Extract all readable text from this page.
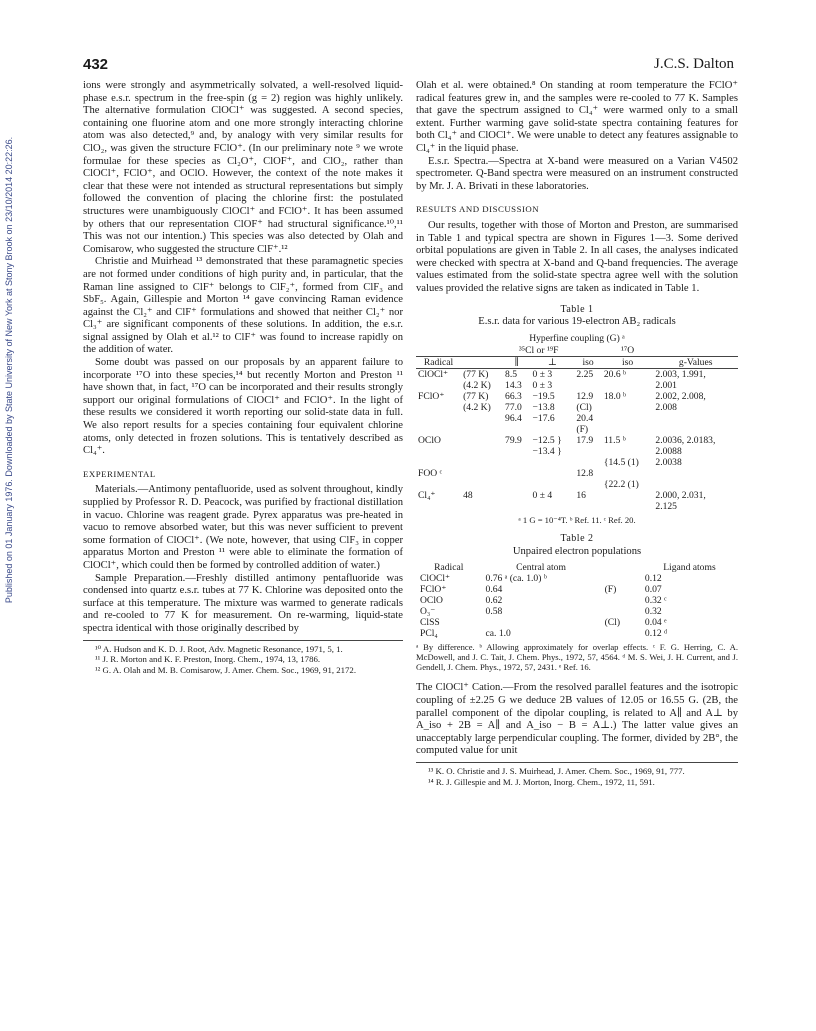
Published on 01 January 1976. Downloaded by State University of New York at Stony Brook on 23/10/2014 20:22:26.
432	J.C.S. Dalton

ions were strongly and asymmetrically solvated, a well-resolved liquid-phase e.s.r. spectrum in the free-spin (g = 2) region was highly unlikely. The alternative formulation ClOCl⁺ was suggested. A second species, containing one fluorine atom and one more strongly interacting chlorine atom was also detected,⁹ and, by analogy with very similar results for ClO₂, was given the structure FClO⁺. (In our preliminary note ⁹ we wrote formulae for these species as Cl₂O⁺, ClOF⁺, and ClO₂, rather than ClOCl⁺, FClO⁺, and OClO. However, the context of the note makes it clear that these were not intended as structural representations but simply followed the convention of placing the chlorine first: the postulated structures were unambiguously ClOCl⁺ and FClO⁺. It has been assumed by others that our representation ClOF⁺ had structural significance.¹⁰,¹¹ This was not our intention.) This species was also detected by Olah and Comisarow, who suggested the structure ClF⁺.¹²

Christie and Muirhead ¹³ demonstrated that these paramagnetic species are not formed under conditions of high purity and, in particular, that the Raman line assigned to ClF⁺ belongs to ClF₂⁺, formed from ClF₃ and SbF₅. Again, Gillespie and Morton ¹⁴ gave convincing Raman evidence against the Cl₂⁺ and ClF⁺ formulations and showed that neither Cl₂⁺ nor Cl₃⁺ are significant components of these solutions. In addition, the e.s.r. signal assigned by Olah et al.¹² to ClF⁺ was found to increase rapidly on the addition of water.

Some doubt was passed on our proposals by an apparent failure to incorporate ¹⁷O into these species,¹⁴ but recently Morton and Preston ¹¹ have shown that, in fact, ¹⁷O can be incorporated and their results strongly support our original formulations of ClOCl⁺ and FClO⁺. In the light of these results we considered it worth reporting our solid-state data in full. We also report results for a species containing four equivalent chlorine atoms, only detected in frozen solutions. This is tentatively described as Cl₄⁺.

EXPERIMENTAL

Materials.—Antimony pentafluoride, used as solvent throughout, kindly supplied by Professor R. D. Peacock, was purified by fractional distillation in vacuo. Chlorine was reagent grade. Pyrex apparatus was pre-heated in vacuo to remove absorbed water, but this was never sufficient to prevent some formation of ClOCl⁺. (We note, however, that using ClF₃ in copper apparatus Morton and Preston ¹¹ were able to eliminate the formation of ClOCl⁺, which could then be formed by controlled addition of water.)

Sample Preparation.—Freshly distilled antimony pentafluoride was condensed into quartz e.s.r. tubes at 77 K. Chlorine was deposited onto the surface at this temperature. The mixture was warmed to generate radicals and re-cooled to 77 K for measurement. On re-warming, liquid-state spectra identical with those originally described by

¹⁰ A. Hudson and K. D. J. Root, Adv. Magnetic Resonance, 1971, 5, 1.

¹¹ J. R. Morton and K. F. Preston, Inorg. Chem., 1974, 13, 1786.

¹² G. A. Olah and M. B. Comisarow, J. Amer. Chem. Soc., 1969, 91, 2172.

Olah et al. were obtained.⁸ On standing at room temperature the FClO⁺ radical features grew in, and the samples were re-cooled to 77 K. Samples that gave the spectrum assigned to Cl₄⁺ were warmed only to a small extent. Further warming gave solid-state spectra containing features for both Cl₄⁺ and ClOCl⁺. We were unable to detect any features assignable to Cl₄⁺ in the liquid phase.

E.s.r. Spectra.—Spectra at X-band were measured on a Varian V4502 spectrometer. Q-Band spectra were measured on an instrument constructed by Mr. J. A. Brivati in these laboratories.

RESULTS AND DISCUSSION

Our results, together with those of Morton and Preston, are summarised in Table 1 and typical spectra are shown in Figures 1—3. Some derived orbital populations are given in Table 2. In all cases, the analyses indicated were checked with spectra at X-band and Q-band frequencies. The average values estimated from the solid-state spectra agree well with the solution values provided the relative signs are taken as indicated in Table 1.

Table 1
E.s.r. data for various 19-electron AB₂ radicals
Hyperfine coupling (G) ᵃ
		³⁵Cl or ¹⁹F			¹⁷O	
Radical		∥	⊥	iso	iso	g-Values
ClOCl⁺	(77 K)	8.5	0 ± 3	2.25	20.6 ᵇ	2.003, 1.991,
	(4.2 K)	14.3	0 ± 3			2.001
FClO⁺	(77 K)	66.3	−19.5	12.9	18.0 ᵇ	2.002, 2.008,
	(4.2 K)	77.0	−13.8	(Cl)		2.008
		96.4	−17.6	20.4		
				(F)		
OClO		79.9	−12.5 }	17.9	11.5 ᵇ	2.0036, 2.0183,
			−13.4 }			2.0088
					{14.5 (1)	2.0038
FOO ᶜ				12.8		
					{22.2 (1)	
Cl₄⁺	48		0 ± 4	16		2.000, 2.031,
						2.125
ᵃ 1 G = 10⁻⁴T. ᵇ Ref. 11. ᶜ Ref. 20.
Table 2
Unpaired electron populations
Radical	Central atom		Ligand atoms
ClOCl⁺	0.76 ᵃ (ca. 1.0) ᵇ		0.12
FClO⁺	0.64	(F)	0.07
OClO	0.62		0.32 ᶜ
O₃⁻	0.58		0.32
ClSS		(Cl)	0.04 ᵉ
PCl₄	ca. 1.0		0.12 ᵈ
ᵃ By difference. ᵇ Allowing approximately for overlap effects. ᶜ F. G. Herring, C. A. McDowell, and J. C. Tait, J. Chem. Phys., 1972, 57, 4564. ᵈ M. S. Wei, J. H. Current, and J. Gendell, J. Chem. Phys., 1972, 57, 2431. ᵉ Ref. 16.

The ClOCl⁺ Cation.—From the resolved parallel features and the isotropic coupling of ±2.25 G we deduce 2B values of 12.05 or 16.55 G. (2B, the parallel component of the dipolar coupling, is related to A∥ and A⊥ by A_iso + 2B = A∥ and A_iso − B = A⊥.) The latter value gives an unacceptably large perpendicular coupling. The former, divided by 2B°, the computed value for unit

¹³ K. O. Christie and J. S. Muirhead, J. Amer. Chem. Soc., 1969, 91, 777.

¹⁴ R. J. Gillespie and M. J. Morton, Inorg. Chem., 1972, 11, 591.
